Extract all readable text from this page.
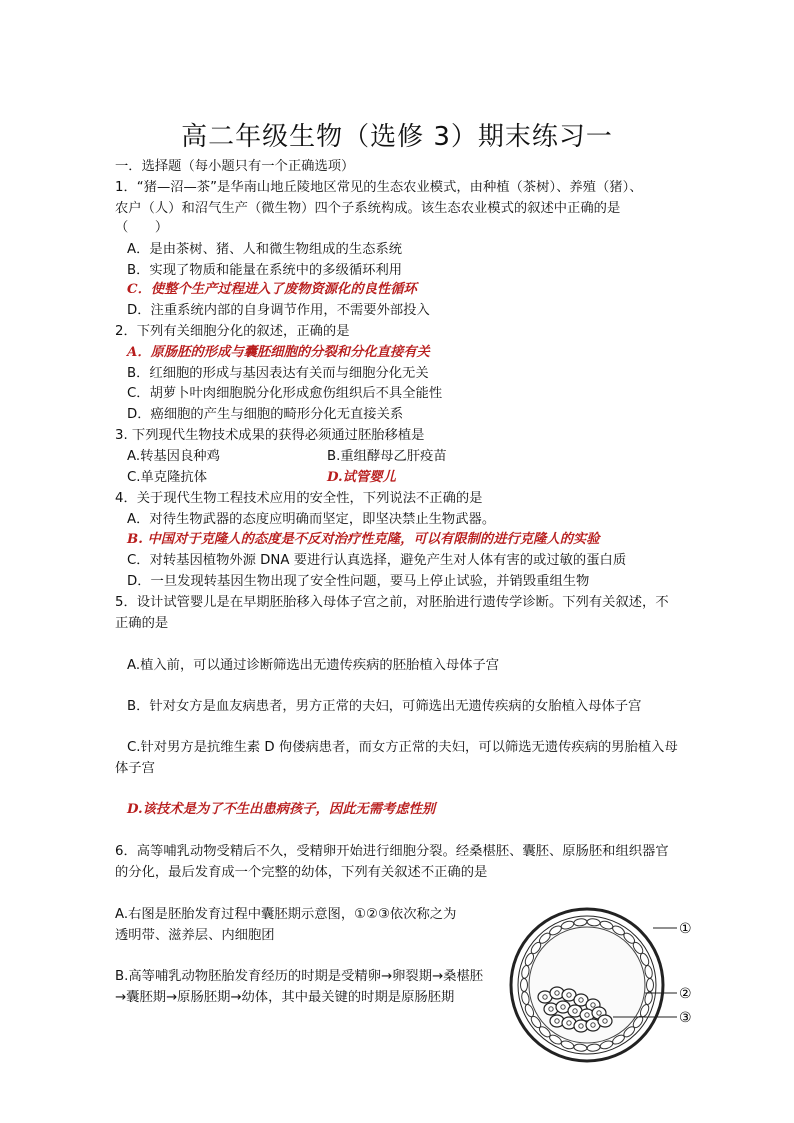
高二年级生物（选修 3）期末练习一
一．选择题（每小题只有一个正确选项）
1．“猪—沼—茶”是华南山地丘陵地区常见的生态农业模式，由种植（茶树）、养殖（猪）、
农户（人）和沼气生产（微生物）四个子系统构成。该生态农业模式的叙述中正确的是
（　　）
A．是由茶树、猪、人和微生物组成的生态系统
B．实现了物质和能量在系统中的多级循环利用
C．使整个生产过程进入了废物资源化的良性循环
D．注重系统内部的自身调节作用，不需要外部投入
2．下列有关细胞分化的叙述，正确的是
A．原肠胚的形成与囊胚细胞的分裂和分化直接有关
B．红细胞的形成与基因表达有关而与细胞分化无关
C．胡萝卜叶肉细胞脱分化形成愈伤组织后不具全能性
D．癌细胞的产生与细胞的畸形分化无直接关系
3. 下列现代生物技术成果的获得必须通过胚胎移植是
A.转基因良种鸡	B.重组酵母乙肝疫苗
C.单克隆抗体	D.试管婴儿
4．关于现代生物工程技术应用的安全性，下列说法不正确的是
A．对待生物武器的态度应明确而坚定，即坚决禁止生物武器。
B. 中国对于克隆人的态度是不反对治疗性克隆，可以有限制的进行克隆人的实验
C．对转基因植物外源 DNA 要进行认真选择，避免产生对人体有害的或过敏的蛋白质
D．一旦发现转基因生物出现了安全性问题，要马上停止试验，并销毁重组生物
5．设计试管婴儿是在早期胚胎移入母体子宫之前，对胚胎进行遗传学诊断。下列有关叙述，不
正确的是
A.植入前，可以通过诊断筛选出无遗传疾病的胚胎植入母体子宫
B．针对女方是血友病患者，男方正常的夫妇，可筛选出无遗传疾病的女胎植入母体子宫
C.针对男方是抗维生素 D 佝偻病患者，而女方正常的夫妇，可以筛选无遗传疾病的男胎植入母
体子宫
D.该技术是为了不生出患病孩子，因此无需考虑性别
6．高等哺乳动物受精后不久，受精卵开始进行细胞分裂。经桑椹胚、囊胚、原肠胚和组织器官
的分化，最后发育成一个完整的幼体，下列有关叙述不正确的是
A.右图是胚胎发育过程中囊胚期示意图，①②③依次称之为
透明带、滋养层、内细胞团
B.高等哺乳动物胚胎发育经历的时期是受精卵→卵裂期→桑椹胚
→囊胚期→原肠胚期→幼体，其中最关键的时期是原肠胚期
①
②
③
